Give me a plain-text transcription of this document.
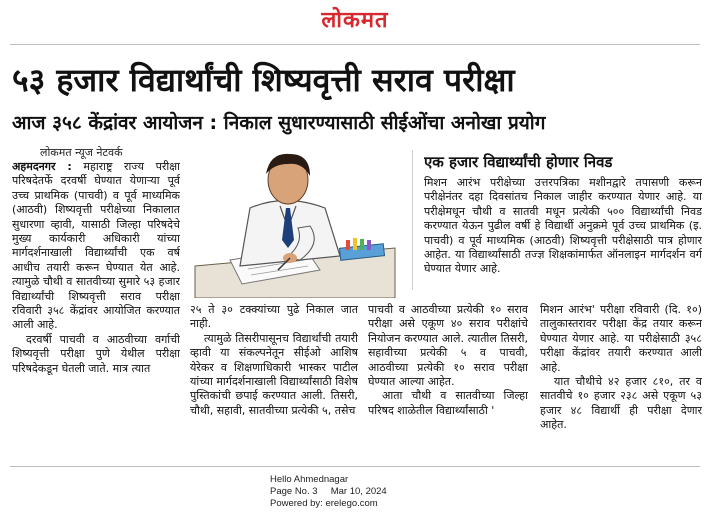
लोकमत
५३ हजार विद्यार्थांची शिष्यवृत्ती सराव परीक्षा
आज ३५८ केंद्रांवर आयोजन : निकाल सुधारण्यासाठी सीईओंचा अनोखा प्रयोग
लोकमत न्यूज नेटवर्क

अहमदनगर : महाराष्ट्र राज्य परीक्षा परिषदेतर्फे दरवर्षी घेण्यात येणाऱ्या पूर्व उच्च प्राथमिक (पाचवी) व पूर्व माध्यमिक (आठवी) शिष्यवृत्ती परीक्षेच्या निकालात सुधारणा व्हावी, यासाठी जिल्हा परिषदेचे मुख्य कार्यकारी अधिकारी यांच्या मार्गदर्शनाखाली विद्यार्थ्यांची एक वर्ष आधीच तयारी करून घेण्यात येत आहे. त्यामुळे चौथी व सातवीच्या सुमारे ५३ हजार विद्यार्थ्यांची शिष्यवृत्ती सराव परीक्षा रविवारी ३५८ केंद्रांवर आयोजित करण्यात आली आहे.

दरवर्षी पाचवी व आठवीच्या वर्गाची शिष्यवृत्ती परीक्षा पुणे येथील परीक्षा परिषदेकडून घेतली जाते. मात्र त्यात

एक हजार विद्यार्थ्यांची होणार निवड

मिशन आरंभ परीक्षेच्या उत्तरपत्रिका मशीनद्वारे तपासणी करून परीक्षेनंतर दहा दिवसांतच निकाल जाहीर करण्यात येणार आहे. या परीक्षेमधून चौथी व सातवी मधून प्रत्येकी ५०० विद्यार्थ्यांची निवड करण्यात येऊन पुढील वर्षी हे विद्यार्थी अनुक्रमे पूर्व उच्च प्राथमिक (इ. पाचवी) व पूर्व माध्यमिक (आठवी) शिष्यवृत्ती परीक्षेसाठी पात्र होणार आहेत. या विद्यार्थ्यांसाठी तज्ज्ञ शिक्षकांमार्फत ऑनलाइन मार्गदर्शन वर्ग घेण्यात येणार आहे.

२५ ते ३० टक्क्यांच्या पुढे निकाल जात नाही.

त्यामुळे तिसरीपासूनच विद्यार्थांची तयारी व्हावी या संकल्पनेतून सीईओ आशिष येरेकर व शिक्षणाधिकारी भास्कर पाटील यांच्या मार्गदर्शनाखाली विद्यार्थ्यांसाठी विशेष पुस्तिकांची छपाई करण्यात आली. तिसरी, चौथी, सहावी, सातवीच्या प्रत्येकी ५, तसेच

पाचवी व आठवीच्या प्रत्येकी १० सराव परीक्षा असे एकूण ४० सराव परीक्षांचे नियोजन करण्यात आले. त्यातील तिसरी, सहावीच्या प्रत्येकी ५ व पाचवी, आठवीच्या प्रत्येकी १० सराव परीक्षा घेण्यात आल्या आहेत.

आता चौथी व सातवीच्या जिल्हा परिषद शाळेतील विद्यार्थ्यांसाठी '

मिशन आरंभ' परीक्षा रविवारी (दि. १०) तालुकास्तरावर परीक्षा केंद्र तयार करून घेण्यात येणार आहे. या परीक्षेसाठी ३५८ परीक्षा केंद्रांवर तयारी करण्यात आली आहे.

यात चौथीचे ४२ हजार ८१०, तर व सातवीचे १० हजार २३८ असे एकूण ५३ हजार ४८ विद्यार्थी ही परीक्षा देणार आहेत.

Hello Ahmednagar
Page No. 3     Mar 10, 2024
Powered by: erelego.com
